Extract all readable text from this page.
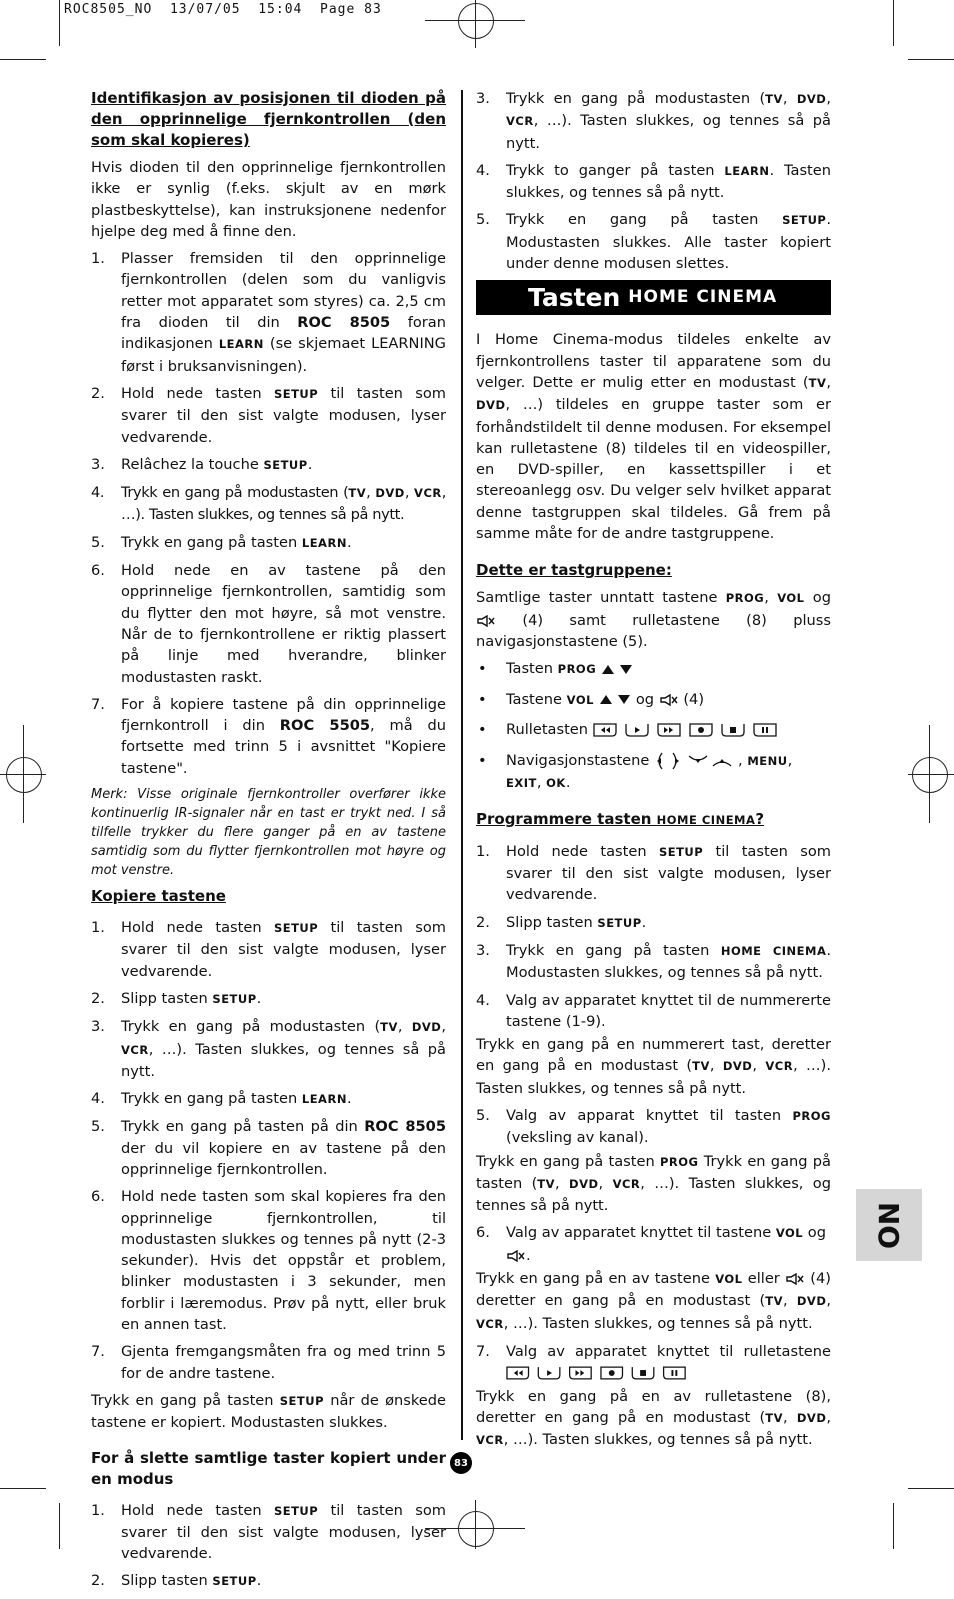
ROC8505_NO 13/07/05 15:04 Page 83
Identifikasjon av posisjonen til dioden på den opprinnelige fjernkontrollen (den som skal kopieres)

Hvis dioden til den opprinnelige fjernkontrollen ikke er synlig (f.eks. skjult av en mørk plastbeskyttelse), kan instruksjonene nedenfor hjelpe deg med å finne den.

1. Plasser fremsiden til den opprinnelige fjernkontrollen (delen som du vanligvis retter mot apparatet som styres) ca. 2,5 cm fra dioden til din ROC 8505 foran indikasjonen LEARN (se skjemaet LEARNING først i bruksanvisningen).
2. Hold nede tasten SETUP til tasten som svarer til den sist valgte modusen, lyser vedvarende.
3. Relâchez la touche SETUP.
4. Trykk en gang på modustasten (TV, DVD, VCR, …). Tasten slukkes, og tennes så på nytt.
5. Trykk en gang på tasten LEARN.
6. Hold nede en av tastene på den opprinnelige fjernkontrollen, samtidig som du flytter den mot høyre, så mot venstre. Når de to fjernkontrollene er riktig plassert på linje med hverandre, blinker modustasten raskt.
7. For å kopiere tastene på din opprinnelige fjernkontroll i din ROC 5505, må du fortsette med trinn 5 i avsnittet "Kopiere tastene".

Merk: Visse originale fjernkontroller overfører ikke kontinuerlig IR-signaler når en tast er trykt ned. I så tilfelle trykker du flere ganger på en av tastene samtidig som du flytter fjernkontrollen mot høyre og mot venstre.

Kopiere tastene
1. Hold nede tasten SETUP til tasten som svarer til den sist valgte modusen, lyser vedvarende.
2. Slipp tasten SETUP.
3. Trykk en gang på modustasten (TV, DVD, VCR, …). Tasten slukkes, og tennes så på nytt.
4. Trykk en gang på tasten LEARN.
5. Trykk en gang på tasten på din ROC 8505 der du vil kopiere en av tastene på den opprinnelige fjernkontrollen.
6. Hold nede tasten som skal kopieres fra den opprinnelige fjernkontrollen, til modustasten slukkes og tennes på nytt (2-3 sekunder). Hvis det oppstår et problem, blinker modustasten i 3 sekunder, men forblir i læremodus. Prøv på nytt, eller bruk en annen tast.
7. Gjenta fremgangsmåten fra og med trinn 5 for de andre tastene.

Trykk en gang på tasten SETUP når de ønskede tastene er kopiert. Modustasten slukkes.

For å slette samtlige taster kopiert under en modus
1. Hold nede tasten SETUP til tasten som svarer til den sist valgte modusen, lyser vedvarende.
2. Slipp tasten SETUP.
3. Trykk en gang på modustasten (TV, DVD, VCR, …). Tasten slukkes, og tennes så på nytt.
4. Trykk to ganger på tasten LEARN. Tasten slukkes, og tennes så på nytt.
5. Trykk en gang på tasten SETUP. Modustasten slukkes. Alle taster kopiert under denne modusen slettes.
Tasten HOME CINEMA

I Home Cinema-modus tildeles enkelte av fjernkontrollens taster til apparatene som du velger. Dette er mulig etter en modustast (TV, DVD, …) tildeles en gruppe taster som er forhåndstildelt til denne modusen. For eksempel kan rulletastene (8) tildeles til en videospiller, en DVD-spiller, en kassettspiller i et stereoanlegg osv. Du velger selv hvilket apparat denne tastgruppen skal tildeles. Gå frem på samme måte for de andre tastgruppene.

Dette er tastgruppene:

Samtlige taster unntatt tastene PROG, VOL og  (4) samt rulletastene (8) pluss navigasjonstastene (5).

• Tasten PROG
• Tastene VOL	og  (4)
• Rulletasten
• Navigasjonstastene	, MENU,
EXIT, OK.
Programmere tasten HOME CINEMA?
1. Hold nede tasten SETUP til tasten som svarer til den sist valgte modusen, lyser vedvarende.
2. Slipp tasten SETUP.
3. Trykk en gang på tasten HOME CINEMA. Modustasten slukkes, og tennes så på nytt.
4. Valg av apparatet knyttet til de nummererte tastene (1-9).

Trykk en gang på en nummerert tast, deretter en gang på en modustast (TV, DVD, VCR, …). Tasten slukkes, og tennes så på nytt.

5. Valg av apparat knyttet til tasten PROG (veksling av kanal).

Trykk en gang på tasten PROG Trykk en gang på tasten (TV, DVD, VCR, …). Tasten slukkes, og tennes så på nytt.

6. Valg av apparatet knyttet til tastene VOL og
.

Trykk en gang på en av tastene VOL eller  (4) deretter en gang på en modustast (TV, DVD, VCR, …). Tasten slukkes, og tennes så på nytt.

7. Valg av apparatet knyttet til rulletastene

Trykk en gang på en av rulletastene (8), deretter en gang på en modustast (TV, DVD, VCR, …). Tasten slukkes, og tennes så på nytt.

NO
83
